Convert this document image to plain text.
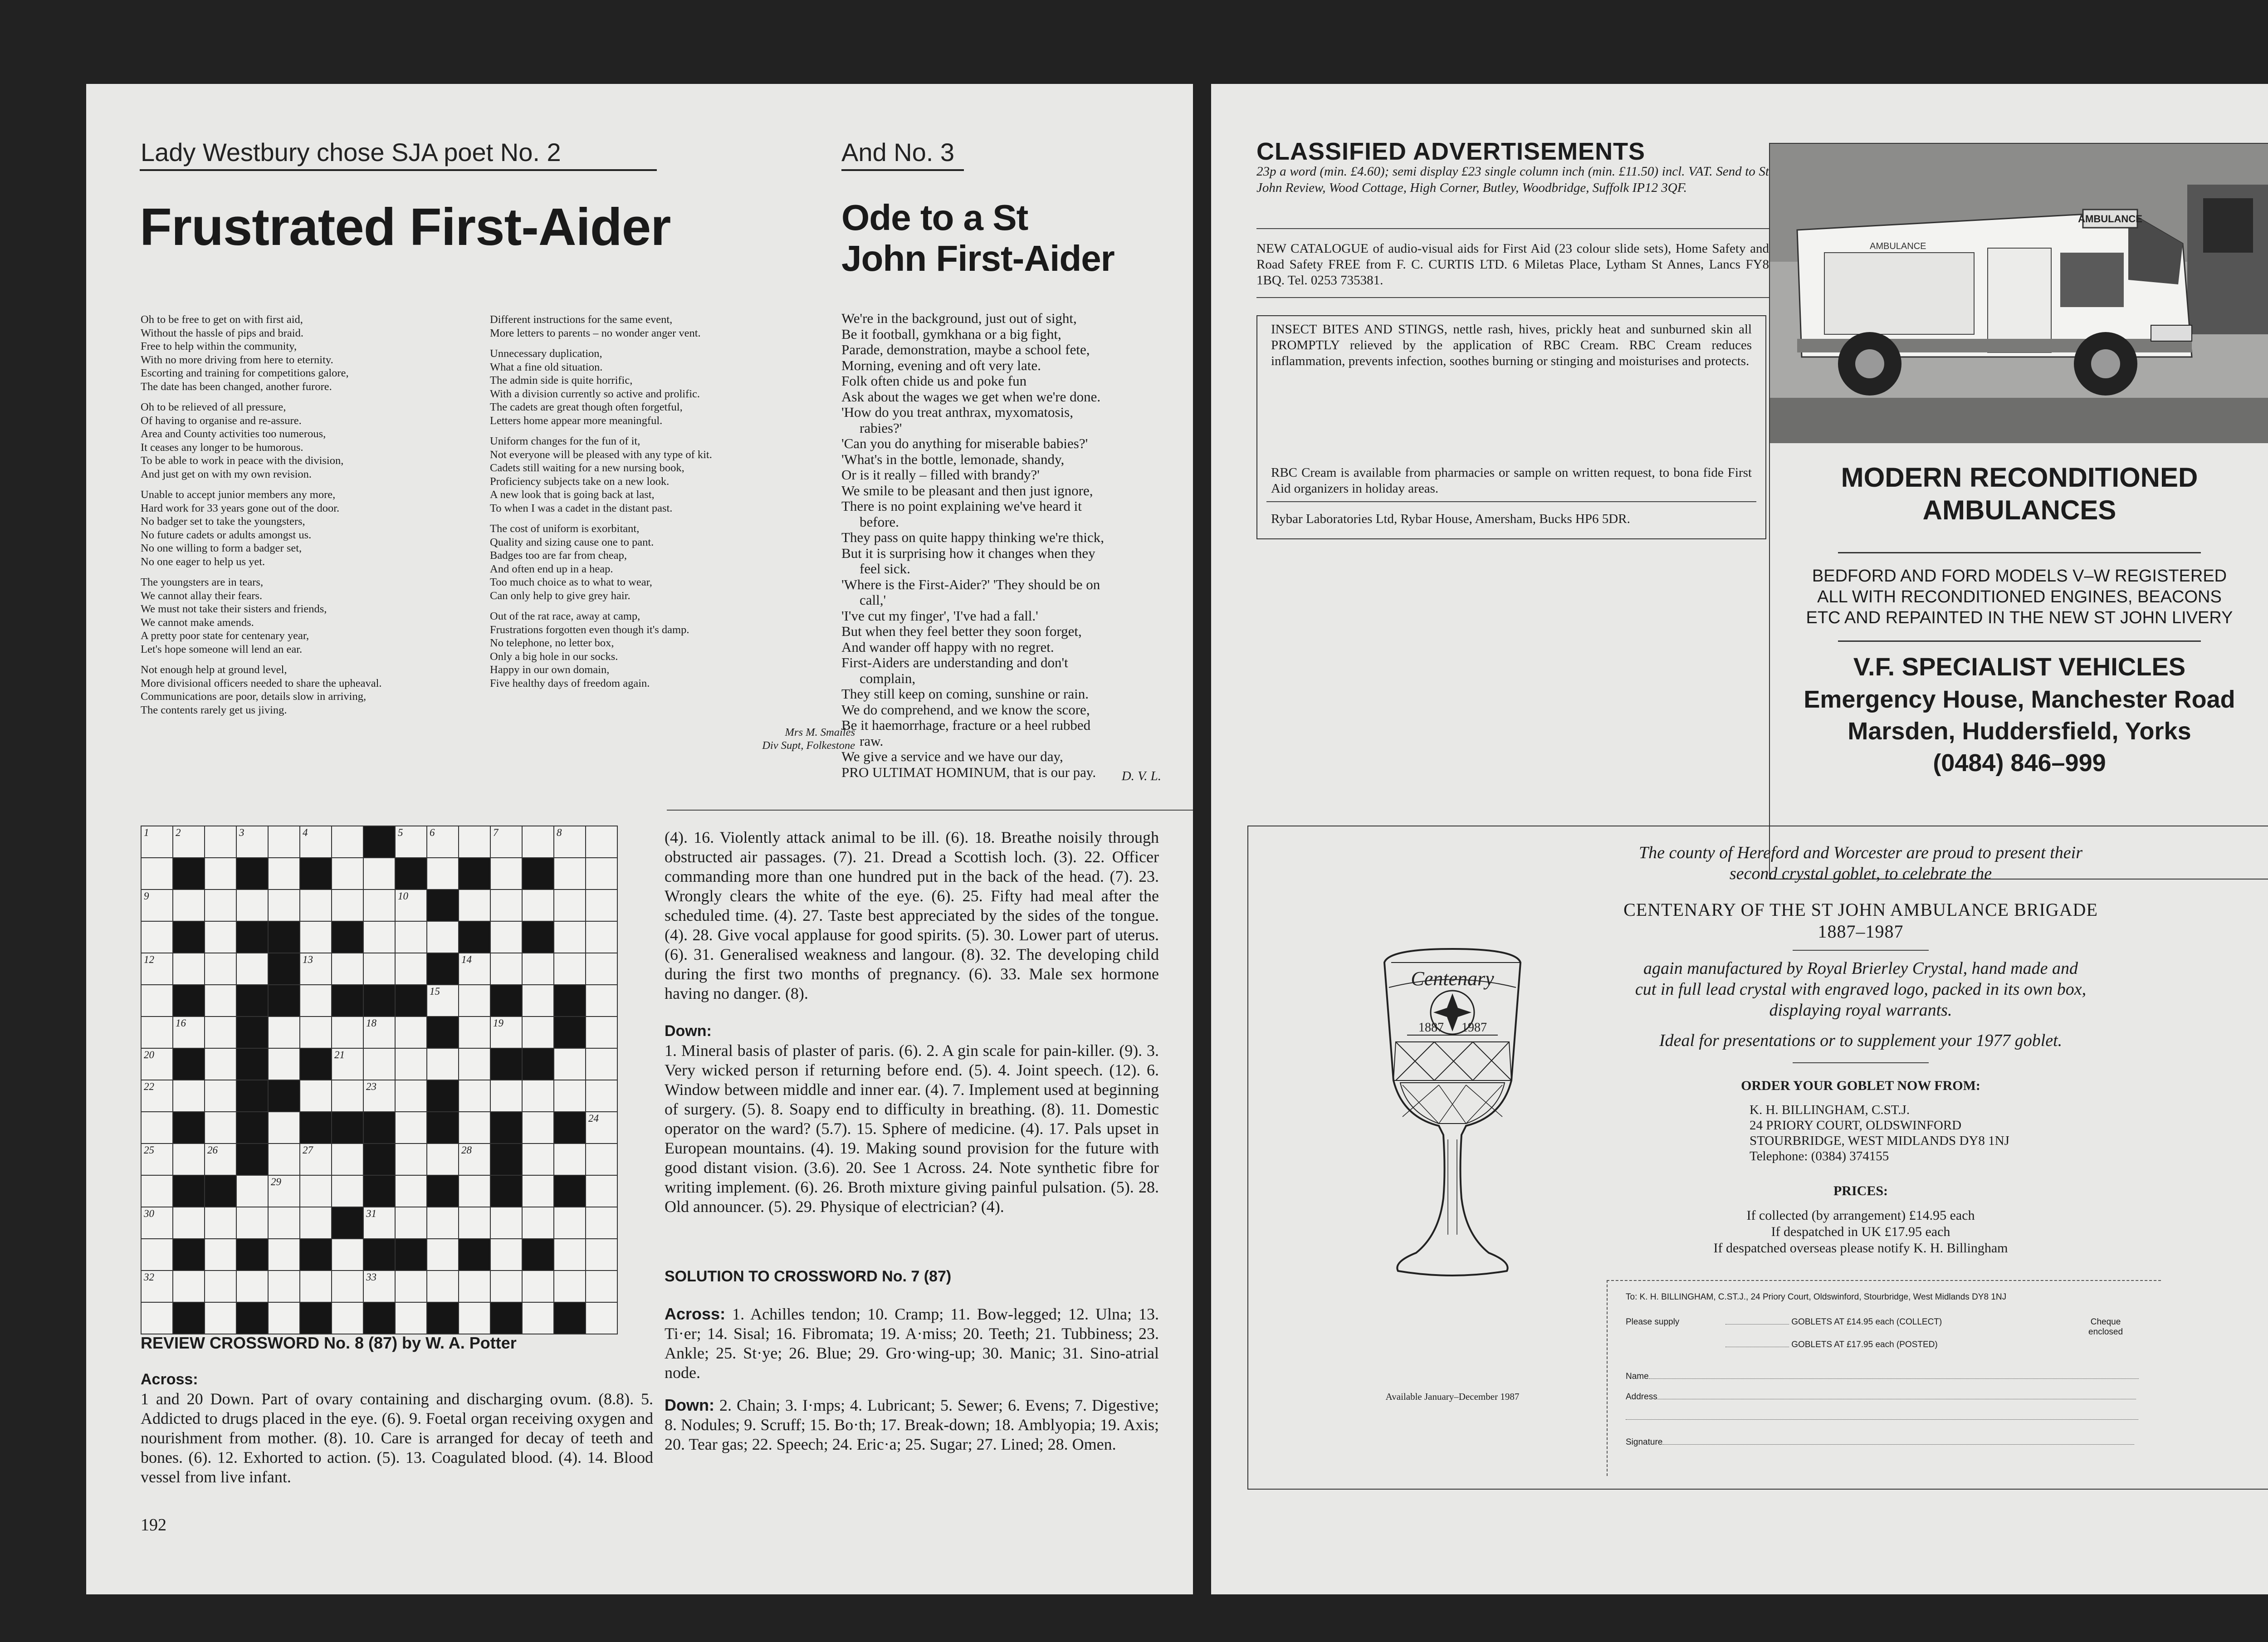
Lady Westbury chose SJA poet No. 2
Frustrated First-Aider

Oh to be free to get on with first aid,
Without the hassle of pips and braid.
Free to help within the community,
With no more driving from here to eternity.
Escorting and training for competitions galore,
The date has been changed, another furore.

Oh to be relieved of all pressure,
Of having to organise and re-assure.
Area and County activities too numerous,
It ceases any longer to be humorous.
To be able to work in peace with the division,
And just get on with my own revision.

Unable to accept junior members any more,
Hard work for 33 years gone out of the door.
No badger set to take the youngsters,
No future cadets or adults amongst us.
No one willing to form a badger set,
No one eager to help us yet.

The youngsters are in tears,
We cannot allay their fears.
We must not take their sisters and friends,
We cannot make amends.
A pretty poor state for centenary year,
Let's hope someone will lend an ear.

Not enough help at ground level,
More divisional officers needed to share the upheaval.
Communications are poor, details slow in arriving,
The contents rarely get us jiving.

Different instructions for the same event,
More letters to parents – no wonder anger vent.

Unnecessary duplication,
What a fine old situation.
The admin side is quite horrific,
With a division currently so active and prolific.
The cadets are great though often forgetful,
Letters home appear more meaningful.

Uniform changes for the fun of it,
Not everyone will be pleased with any type of kit.
Cadets still waiting for a new nursing book,
Proficiency subjects take on a new look.
A new look that is going back at last,
To when I was a cadet in the distant past.

The cost of uniform is exorbitant,
Quality and sizing cause one to pant.
Badges too are far from cheap,
And often end up in a heap.
Too much choice as to what to wear,
Can only help to give grey hair.

Out of the rat race, away at camp,
Frustrations forgotten even though it's damp.
No telephone, no letter box,
Only a big hole in our socks.
Happy in our own domain,
Five healthy days of freedom again.

Mrs M. Smailes
Div Supt, Folkestone
And No. 3
Ode to a St
John First-Aider
We're in the background, just out of sight,
Be it football, gymkhana or a big fight,
Parade, demonstration, maybe a school fete,
Morning, evening and oft very late.
Folk often chide us and poke fun
Ask about the wages we get when we're done.
'How do you treat anthrax, myxomatosis,
rabies?'
'Can you do anything for miserable babies?'
'What's in the bottle, lemonade, shandy,
Or is it really – filled with brandy?'
We smile to be pleasant and then just ignore,
There is no point explaining we've heard it
before.
They pass on quite happy thinking we're thick,
But it is surprising how it changes when they
feel sick.
'Where is the First-Aider?' 'They should be on
call,'
'I've cut my finger', 'I've had a fall.'
But when they feel better they soon forget,
And wander off happy with no regret.
First-Aiders are understanding and don't
complain,
They still keep on coming, sunshine or rain.
We do comprehend, and we know the score,
Be it haemorrhage, fracture or a heel rubbed
raw.
We give a service and we have our day,
PRO ULTIMAT HOMINUM, that is our pay.	D. V. L.
1	2		3		4			5	6		7		8	

9								10						

12					13					14				

									15					

	16						18				19			

20						21								

22							23							

														24

25		26			27					28				

				29										

30							31							

32							33							

REVIEW CROSSWORD No. 8 (87) by W. A. Potter
Across:

1 and 20 Down. Part of ovary containing and discharging ovum. (8.8). 5. Addicted to drugs placed in the eye. (6). 9. Foetal organ receiving oxygen and nourishment from mother. (8). 10. Care is arranged for decay of teeth and bones. (6). 12. Exhorted to action. (5). 13. Coagulated blood. (4). 14. Blood vessel from live infant.

(4). 16. Violently attack animal to be ill. (6). 18. Breathe noisily through obstructed air passages. (7). 21. Dread a Scottish loch. (3). 22. Officer commanding more than one hundred put in the back of the head. (7). 23. Wrongly clears the white of the eye. (6). 25. Fifty had meal after the scheduled time. (4). 27. Taste best appreciated by the sides of the tongue. (4). 28. Give vocal applause for good spirits. (5). 30. Lower part of uterus. (6). 31. Generalised weakness and langour. (8). 32. The developing child during the first two months of pregnancy. (6). 33. Male sex hormone having no danger. (8).

Down:

1. Mineral basis of plaster of paris. (6). 2. A gin scale for pain-killer. (9). 3. Very wicked person if returning before end. (5). 4. Joint speech. (12). 6. Window between middle and inner ear. (4). 7. Implement used at beginning of surgery. (5). 8. Soapy end to difficulty in breathing. (8). 11. Domestic operator on the ward? (5.7). 15. Sphere of medicine. (4). 17. Pals upset in European mountains. (4). 19. Making sound provision for the future with good distant vision. (3.6). 20. See 1 Across. 24. Note synthetic fibre for writing implement. (6). 26. Broth mixture giving painful pulsation. (5). 28. Old announcer. (5). 29. Physique of electrician? (4).

SOLUTION TO CROSSWORD No. 7 (87)

Across: 1. Achilles tendon; 10. Cramp; 11. Bow-legged; 12. Ulna; 13. Ti·er; 14. Sisal; 16. Fibromata; 19. A·miss; 20. Teeth; 21. Tubbiness; 23. Ankle; 25. St·ye; 26. Blue; 29. Gro·wing-up; 30. Manic; 31. Sino-atrial node.

Down: 2. Chain; 3. I·mps; 4. Lubricant; 5. Sewer; 6. Evens; 7. Digestive; 8. Nodules; 9. Scruff; 15. Bo·th; 17. Break-down; 18. Amblyopia; 19. Axis; 20. Tear gas; 22. Speech; 24. Eric·a; 25. Sugar; 27. Lined; 28. Omen.

192
CLASSIFIED ADVERTISEMENTS
23p a word (min. £4.60); semi display £23 single column inch (min. £11.50) incl. VAT. Send to St John Review, Wood Cottage, High Corner, Butley, Woodbridge, Suffolk IP12 3QF.
NEW CATALOGUE of audio-visual aids for First Aid (23 colour slide sets), Home Safety and Road Safety FREE from F. C. CURTIS LTD. 6 Miletas Place, Lytham St Annes, Lancs FY8 1BQ. Tel. 0253 735381.
INSECT BITES AND STINGS, nettle rash, hives, prickly heat and sunburned skin all PROMPTLY relieved by the application of RBC Cream. RBC Cream reduces inflammation, prevents infection, soothes burning or stinging and moisturises and protects.
RBC Cream is available from pharmacies or sample on written request, to bona fide First Aid organizers in holiday areas.
Rybar Laboratories Ltd, Rybar House, Amersham, Bucks HP6 5DR.
AMBULANCE
AMBULANCE
MODERN RECONDITIONED
AMBULANCES
BEDFORD AND FORD MODELS V–W REGISTERED
ALL WITH RECONDITIONED ENGINES, BEACONS
ETC AND REPAINTED IN THE NEW ST JOHN LIVERY
V.F. SPECIALIST VEHICLES
Emergency House, Manchester Road
Marsden, Huddersfield, Yorks
(0484) 846–999
The county of Hereford and Worcester are proud to present their
second crystal goblet, to celebrate the
CENTENARY OF THE ST JOHN AMBULANCE BRIGADE
1887–1987
again manufactured by Royal Brierley Crystal, hand made and
cut in full lead crystal with engraved logo, packed in its own box,
displaying royal warrants.
Ideal for presentations or to supplement your 1977 goblet.
ORDER YOUR GOBLET NOW FROM:
K. H. BILLINGHAM, C.ST.J.
24 PRIORY COURT, OLDSWINFORD
STOURBRIDGE, WEST MIDLANDS DY8 1NJ
Telephone: (0384) 374155
PRICES:
If collected (by arrangement) £14.95 each
If despatched in UK £17.95 each
If despatched overseas please notify K. H. Billingham
Centenary
1887 1987
Available January–December 1987
To: K. H. BILLINGHAM, C.ST.J., 24 Priory Court, Oldswinford, Stourbridge, West Midlands DY8 1NJ
Please supply	GOBLETS AT £14.95 each (COLLECT)
GOBLETS AT £17.95 each (POSTED)
Cheque
enclosed
Name
Address
Signature
